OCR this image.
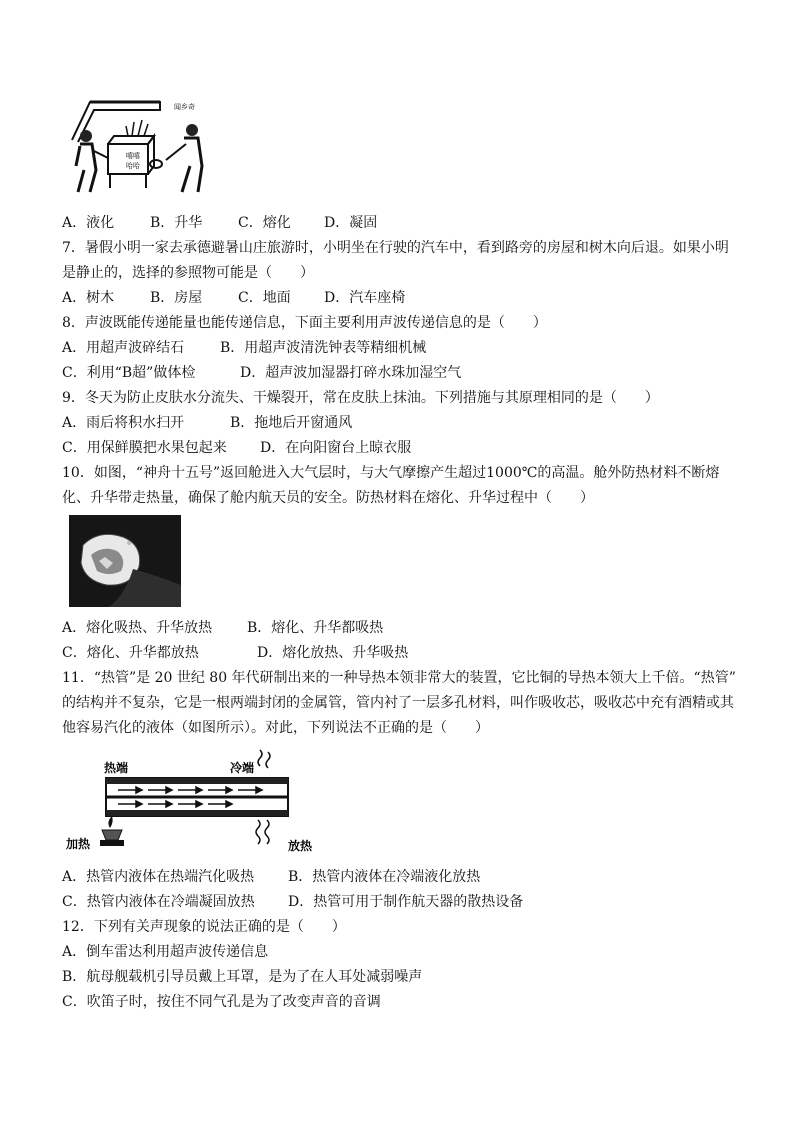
嘻嘻
哈哈
闻乡奇
A．液化	B．升华	C．熔化 D．凝固
7．暑假小明一家去承德避暑山庄旅游时，小明坐在行驶的汽车中，看到路旁的房屋和树木向后退。如果小明
是静止的，选择的参照物可能是（　　）
A．树木	B．房屋	C．地面 D．汽车座椅
8．声波既能传递能量也能传递信息，下面主要利用声波传递信息的是（　　）
A．用超声波碎结石	B．用超声波清洗钟表等精细机械
C．利用“B超”做体检	D．超声波加湿器打碎水珠加湿空气
9．冬天为防止皮肤水分流失、干燥裂开，常在皮肤上抹油。下列措施与其原理相同的是（　　）
A．雨后将积水扫开	B．拖地后开窗通风
C．用保鲜膜把水果包起来 D．在向阳窗台上晾衣服
10．如图，“神舟十五号”返回舱进入大气层时，与大气摩擦产生超过1000℃的高温。舱外防热材料不断熔
化、升华带走热量，确保了舱内航天员的安全。防热材料在熔化、升华过程中（　　）
A．熔化吸热、升华放热 B．熔化、升华都吸热
C．熔化、升华都放热	D．熔化放热、升华吸热
11．“热管”是 20 世纪 80 年代研制出来的一种导热本领非常大的装置，它比铜的导热本领大上千倍。“热管”
的结构并不复杂，它是一根两端封闭的金属管，管内衬了一层多孔材料，叫作吸收芯，吸收芯中充有酒精或其
他容易汽化的液体（如图所示）。对此，下列说法不正确的是（　　）
热端	冷端
加热	放热
A．热管内液体在热端汽化吸热 B．热管内液体在冷端液化放热
C．热管内液体在冷端凝固放热 D．热管可用于制作航天器的散热设备
12．下列有关声现象的说法正确的是（　　）
A．倒车雷达利用超声波传递信息
B．航母舰载机引导员戴上耳罩，是为了在人耳处减弱噪声
C．吹笛子时，按住不同气孔是为了改变声音的音调
